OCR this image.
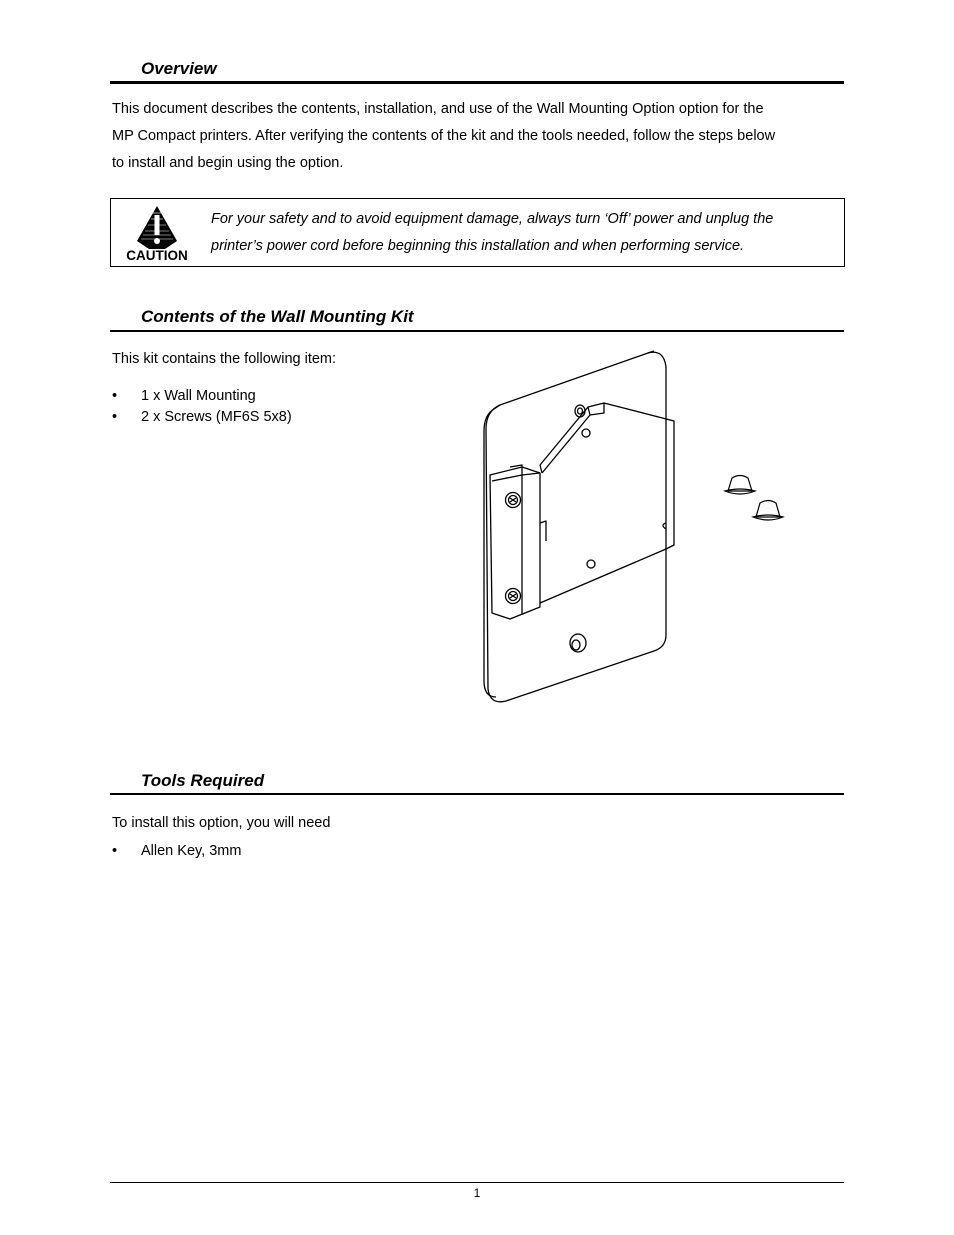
Overview

This document describes the contents, installation, and use of the Wall Mounting Option option for the
MP Compact printers. After verifying the contents of the kit and the tools needed, follow the steps below
to install and begin using the option.

CAUTION
For your safety and to avoid equipment damage, always turn ‘Off’ power and unplug the
printer’s power cord before beginning this installation and when performing service.
Contents of the Wall Mounting Kit

This kit contains the following item:

• 1 x Wall Mounting
• 2 x Screws (MF6S 5x8)
Tools Required

To install this option, you will need

• Allen Key, 3mm
1
